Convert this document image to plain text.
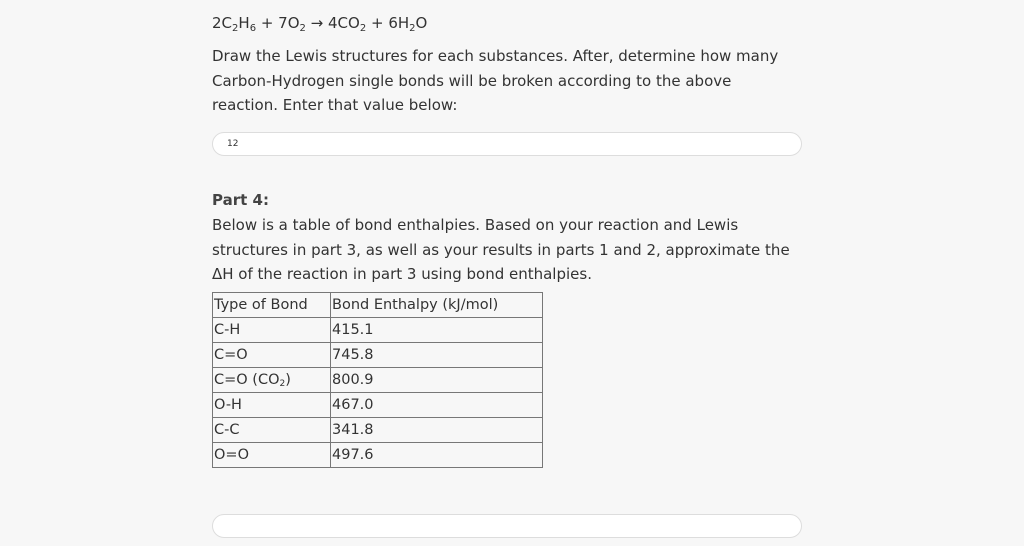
$2C_2H_6 + 7O_2 \to 4CO_2 + 6H_2O$

Draw the Lewis structures for each substances. After, determine how many Carbon-Hydrogen single bonds will be broken according to the above reaction. Enter that value below:

12
Part 4:

Below is a table of bond enthalpies. Based on your reaction and Lewis structures in part 3, as well as your results in parts 1 and 2, approximate the ΔH of the reaction in part 3 using bond enthalpies.

Type of Bond	Bond Enthalpy (kJ/mol)
C-H	415.1
C=O	745.8
C=O $(CO_2)$	800.9
O-H	467.0
C-C	341.8
O=O	497.6
